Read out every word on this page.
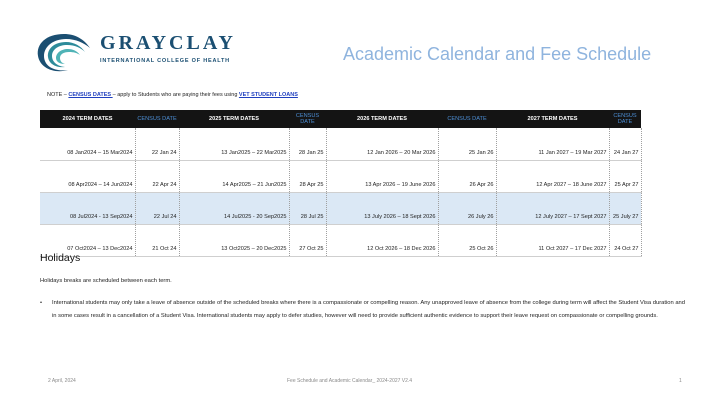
GRAYCLAY
INTERNATIONAL COLLEGE OF HEALTH	Academic Calendar and Fee Schedule
NOTE – CENSUS DATES – apply to Students who are paying their fees using VET STUDENT LOANS
2024 TERM DATES	CENSUS DATE	2025 TERM DATES	CENSUS DATE	2026 TERM DATES	CENSUS DATE	2027 TERM DATES	CENSUS DATE
08 Jan2024 – 15 Mar2024	22 Jan 24	13 Jan2025 – 22 Mar2025	28 Jan 25	12 Jan 2026 – 20 Mar 2026	25 Jan 26	11 Jan 2027 – 19 Mar 2027	24 Jan 27
08 Apr2024 – 14 Jun2024	22 Apr 24	14 Apr2025 – 21 Jun2025	28 Apr 25	13 Apr 2026 – 19 June 2026	26 Apr 26	12 Apr 2027 – 18 June 2027	25 Apr 27
08 Jul2024 - 13 Sep2024	22 Jul 24	14 Jul2025 - 20 Sep2025	28 Jul 25	13 July 2026 – 18 Sept 2026	26 July 26	12 July 2027 – 17 Sept 2027	25 July 27
07 Oct2024 – 13 Dec2024	21 Oct 24	13 Oct2025 – 20 Dec2025	27 Oct 25	12 Oct 2026 – 18 Dec 2026	25 Oct 26	11 Oct 2027 – 17 Dec 2027	24 Oct 27
Holidays
Holidays breaks are scheduled between each term.
• International students may only take a leave of absence outside of the scheduled breaks where there is a compassionate or compelling reason. Any unapproved leave of absence from the college during term will affect the Student Visa duration and in some cases result in a cancellation of a Student Visa. International students may apply to defer studies, however will need to provide sufficient authentic evidence to support their leave request on compassionate or compelling grounds.
2 April, 2024	Fee Schedule and Academic Calendar_ 2024-2027 V2.4	1
